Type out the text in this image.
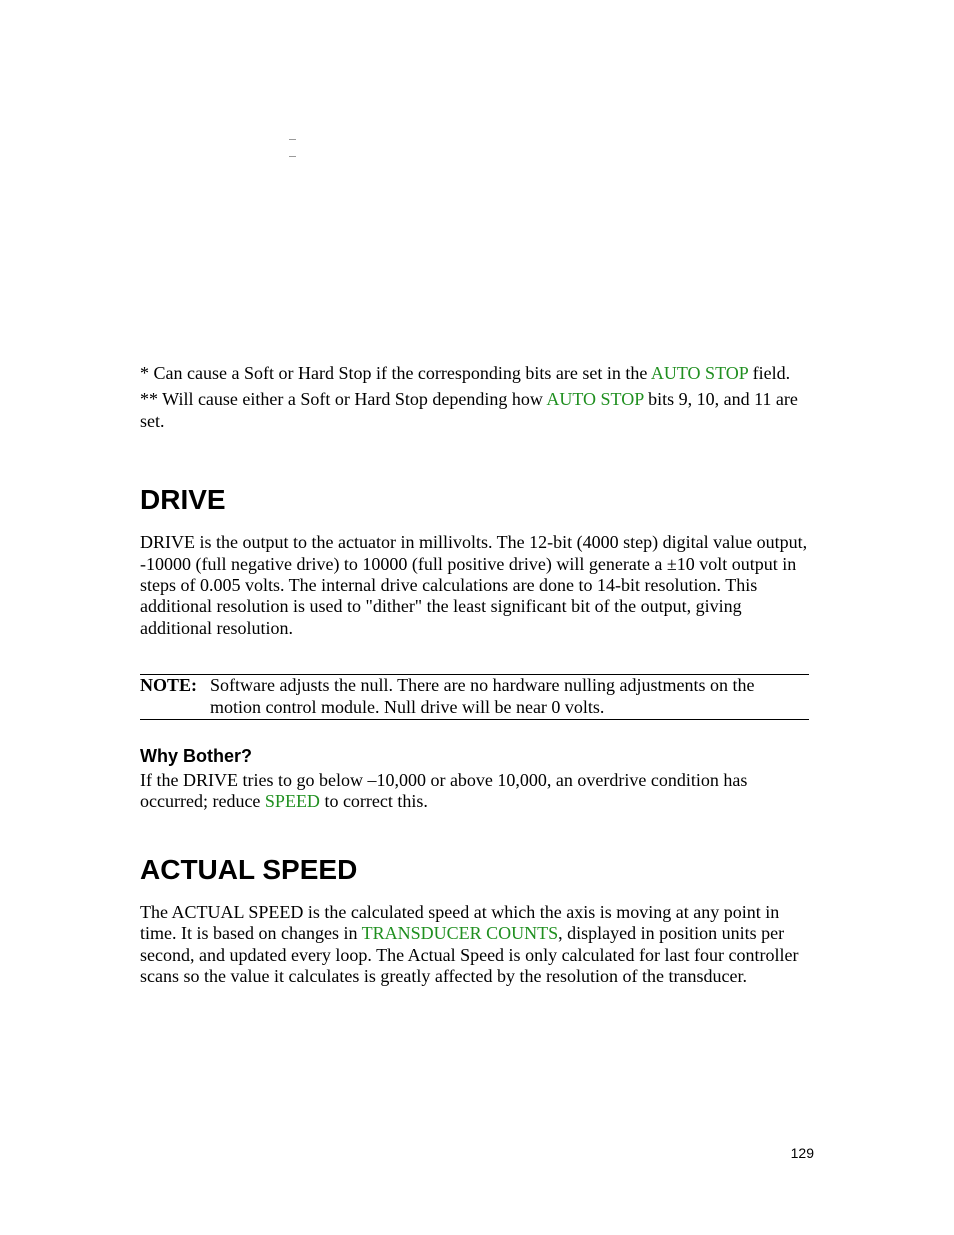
* Can cause a Soft or Hard Stop if the corresponding bits are set in the AUTO STOP field.

** Will cause either a Soft or Hard Stop depending how AUTO STOP bits 9, 10, and 11 are set.

DRIVE

DRIVE is the output to the actuator in millivolts. The 12-bit (4000 step) digital value output, -10000 (full negative drive) to 10000 (full positive drive) will generate a ±10 volt output in steps of 0.005 volts. The internal drive calculations are done to 14-bit resolution. This additional resolution is used to "dither" the least significant bit of the output, giving additional resolution.

NOTE: Software adjusts the null. There are no hardware nulling adjustments on the motion control module. Null drive will be near 0 volts.
Why Bother?

If the DRIVE tries to go below –10,000 or above 10,000, an overdrive condition has occurred; reduce SPEED to correct this.

ACTUAL SPEED

The ACTUAL SPEED is the calculated speed at which the axis is moving at any point in time. It is based on changes in TRANSDUCER COUNTS, displayed in position units per second, and updated every loop. The Actual Speed is only calculated for last four controller scans so the value it calculates is greatly affected by the resolution of the transducer.

129
